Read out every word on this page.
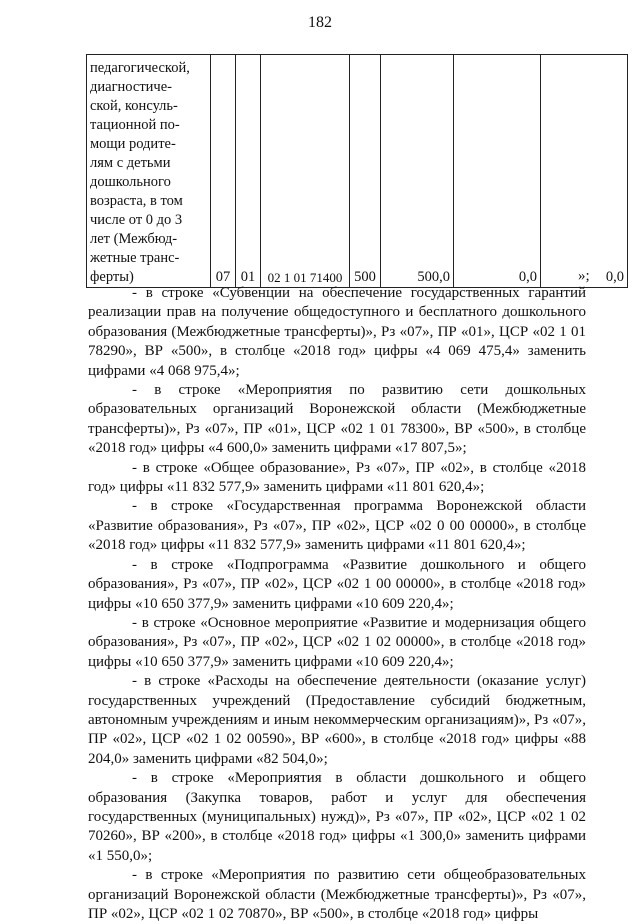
182
педагогической,
диагностиче-
ской, консуль-
тационной по-
мощи родите-
лям с детьми
дошкольного
возраста, в том
числе от 0 до 3
лет (Межбюд-
жетные транс-
ферты)	07	01	02 1 01 71400	500	500,0	0,0	0,0
»;

- в строке «Субвенции на обеспечение государственных гарантий реализации прав на получение общедоступного и бесплатного дошкольного образования (Межбюджетные трансферты)», Рз «07», ПР «01», ЦСР «02 1 01 78290», ВР «500», в столбце «2018 год» цифры «4 069 475,4» заменить цифрами «4 068 975,4»;

- в строке «Мероприятия по развитию сети дошкольных образовательных организаций Воронежской области (Межбюджетные трансферты)», Рз «07», ПР «01», ЦСР «02 1 01 78300», ВР «500», в столбце «2018 год» цифры «4 600,0» заменить цифрами «17 807,5»;

- в строке «Общее образование», Рз «07», ПР «02», в столбце «2018 год» цифры «11 832 577,9» заменить цифрами «11 801 620,4»;

- в строке «Государственная программа Воронежской области «Развитие образования», Рз «07», ПР «02», ЦСР «02 0 00 00000», в столбце «2018 год» цифры «11 832 577,9» заменить цифрами «11 801 620,4»;

- в строке «Подпрограмма «Развитие дошкольного и общего образования», Рз «07», ПР «02», ЦСР «02 1 00 00000», в столбце «2018 год» цифры «10 650 377,9» заменить цифрами «10 609 220,4»;

- в строке «Основное мероприятие «Развитие и модернизация общего образования», Рз «07», ПР «02», ЦСР «02 1 02 00000», в столбце «2018 год» цифры «10 650 377,9» заменить цифрами «10 609 220,4»;

- в строке «Расходы на обеспечение деятельности (оказание услуг) государственных учреждений (Предоставление субсидий бюджетным, автономным учреждениям и иным некоммерческим организациям)», Рз «07», ПР «02», ЦСР «02 1 02 00590», ВР «600», в столбце «2018 год» цифры «88 204,0» заменить цифрами «82 504,0»;

- в строке «Мероприятия в области дошкольного и общего образования (Закупка товаров, работ и услуг для обеспечения государственных (муниципальных) нужд)», Рз «07», ПР «02», ЦСР «02 1 02 70260», ВР «200», в столбце «2018 год» цифры «1 300,0» заменить цифрами «1 550,0»;

- в строке «Мероприятия по развитию сети общеобразовательных организаций Воронежской области (Межбюджетные трансферты)», Рз «07», ПР «02», ЦСР «02 1 02 70870», ВР «500», в столбце «2018 год» цифры
